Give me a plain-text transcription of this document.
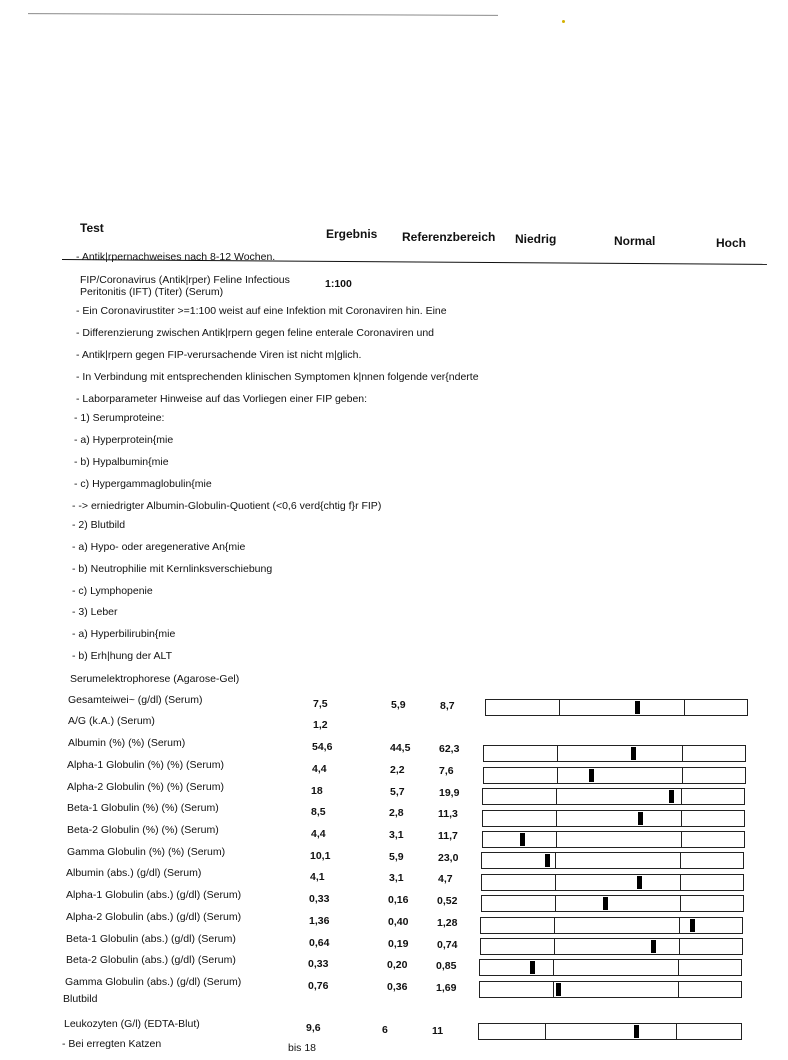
Test	Ergebnis Referenzbereich Niedrig	Normal	Hoch
- Antik|rpernachweises nach 8-12 Wochen.
FIP/Coronavirus (Antik|rper) Feline Infectious
Peritonitis (IFT) (Titer) (Serum)
1:100
- Ein Coronavirustiter >=1:100 weist auf eine Infektion mit Coronaviren hin. Eine
- Differenzierung zwischen Antik|rpern gegen feline enterale Coronaviren und
- Antik|rpern gegen FIP-verursachende Viren ist nicht m|glich.
- In Verbindung mit entsprechenden klinischen Symptomen k|nnen folgende ver{nderte
- Laborparameter Hinweise auf das Vorliegen einer FIP geben:
- 1) Serumproteine:
- a) Hyperprotein{mie
- b) Hypalbumin{mie
- c) Hypergammaglobulin{mie
- -> erniedrigter Albumin-Globulin-Quotient (<0,6 verd{chtig f}r FIP)
- 2) Blutbild
- a) Hypo- oder aregenerative An{mie
- b) Neutrophilie mit Kernlinksverschiebung
- c) Lymphopenie
- 3) Leber
- a) Hyperbilirubin{mie
- b) Erh|hung der ALT
Serumelektrophorese (Agarose-Gel)
Gesamteiwei~ (g/dl) (Serum)	7,5	5,9	8,7
A/G (k.A.) (Serum)	1,2
Albumin (%) (%) (Serum)	54,6	44,5	62,3
Alpha-1 Globulin (%) (%) (Serum)	4,4	2,2	7,6
Alpha-2 Globulin (%) (%) (Serum)	18	5,7	19,9
Beta-1 Globulin (%) (%) (Serum)	8,5	2,8	11,3
Beta-2 Globulin (%) (%) (Serum)	4,4	3,1	11,7
Gamma Globulin (%) (%) (Serum)	10,1	5,9	23,0
Albumin (abs.) (g/dl) (Serum)	4,1	3,1	4,7
Alpha-1 Globulin (abs.) (g/dl) (Serum)	0,33	0,16	0,52
Alpha-2 Globulin (abs.) (g/dl) (Serum)	1,36	0,40	1,28
Beta-1 Globulin (abs.) (g/dl) (Serum)	0,64	0,19	0,74
Beta-2 Globulin (abs.) (g/dl) (Serum)	0,33	0,20	0,85
Gamma Globulin (abs.) (g/dl) (Serum)	0,76	0,36	1,69
Blutbild
Leukozyten (G/l) (EDTA-Blut)	9,6	6	11
- Bei erregten Katzen	bis 18
